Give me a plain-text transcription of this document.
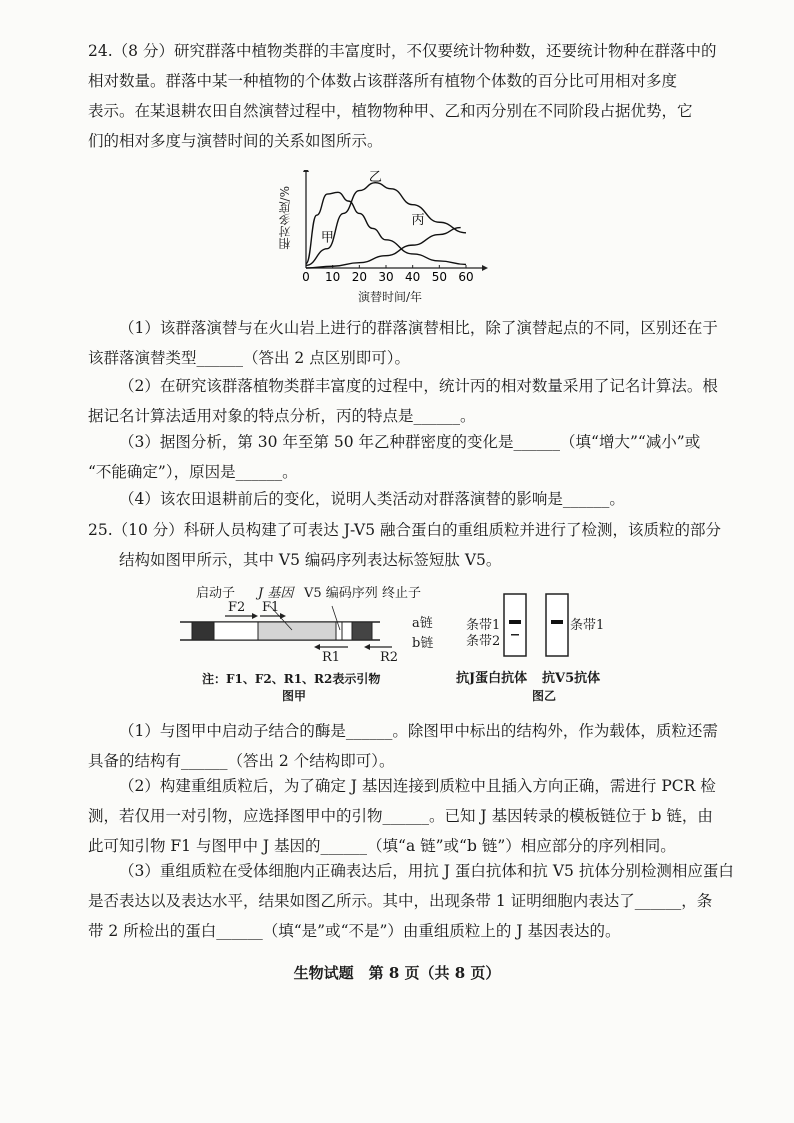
24.（8 分）研究群落中植物类群的丰富度时，不仅要统计物种数，还要统计物种在群落中的
相对数量。群落中某一种植物的个体数占该群落所有植物个体数的百分比可用相对多度
表示。在某退耕农田自然演替过程中，植物物种甲、乙和丙分别在不同阶段占据优势，它
们的相对多度与演替时间的关系如图所示。
0 10 20 30 40 50 60
甲
乙
丙
相对多度/%
演替时间/年
（1）该群落演替与在火山岩上进行的群落演替相比，除了演替起点的不同，区别还在于
该群落演替类型______（答出 2 点区别即可）。
（2）在研究该群落植物类群丰富度的过程中，统计丙的相对数量采用了记名计算法。根
据记名计算法适用对象的特点分析，丙的特点是______。
（3）据图分析，第 30 年至第 50 年乙种群密度的变化是______（填“增大”“减小”或
“不能确定”），原因是______。
（4）该农田退耕前后的变化，说明人类活动对群落演替的影响是______。
25.（10 分）科研人员构建了可表达 J-V5 融合蛋白的重组质粒并进行了检测，该质粒的部分
结构如图甲所示，其中 V5 编码序列表达标签短肽 V5。
启动子 J 基因 V5 编码序列 终止子
F2 F1
R1	R2
a链
b链
注：F1、F2、R1、R2表示引物
图甲
条带1
条带2
条带1
抗J蛋白抗体 抗V5抗体
图乙
（1）与图甲中启动子结合的酶是______。除图甲中标出的结构外，作为载体，质粒还需
具备的结构有______（答出 2 个结构即可）。
（2）构建重组质粒后，为了确定 J 基因连接到质粒中且插入方向正确，需进行 PCR 检
测，若仅用一对引物，应选择图甲中的引物______。已知 J 基因转录的模板链位于 b 链，由
此可知引物 F1 与图甲中 J 基因的______（填“a 链”或“b 链”）相应部分的序列相同。
（3）重组质粒在受体细胞内正确表达后，用抗 J 蛋白抗体和抗 V5 抗体分别检测相应蛋白
是否表达以及表达水平，结果如图乙所示。其中，出现条带 1 证明细胞内表达了______，条
带 2 所检出的蛋白______（填“是”或“不是”）由重组质粒上的 J 基因表达的。
生物试题　第 8 页（共 8 页）
